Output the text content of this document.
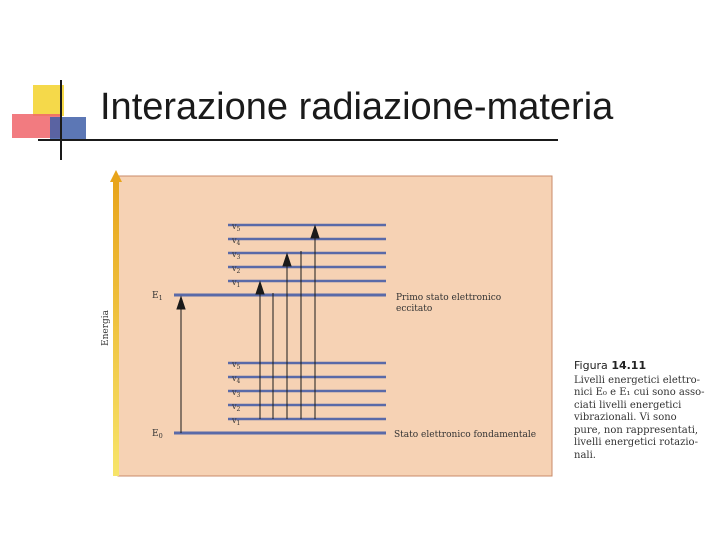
Interazione radiazione-materia
Energia
$v_1$
$v_2$
$v_3$
$v_4$
$v_5$
$v_1$
$v_2$
$v_3$
$v_4$
$v_5$
$E_1$
$E_0$
Primo stato elettronico
eccitato
Stato elettronico fondamentale
Figura 14.11
Livelli energetici elettro-
nici E₀ e E₁ cui sono asso-
ciati livelli energetici
vibrazionali. Vi sono
pure, non rappresentati,
livelli energetici rotazio-
nali.
